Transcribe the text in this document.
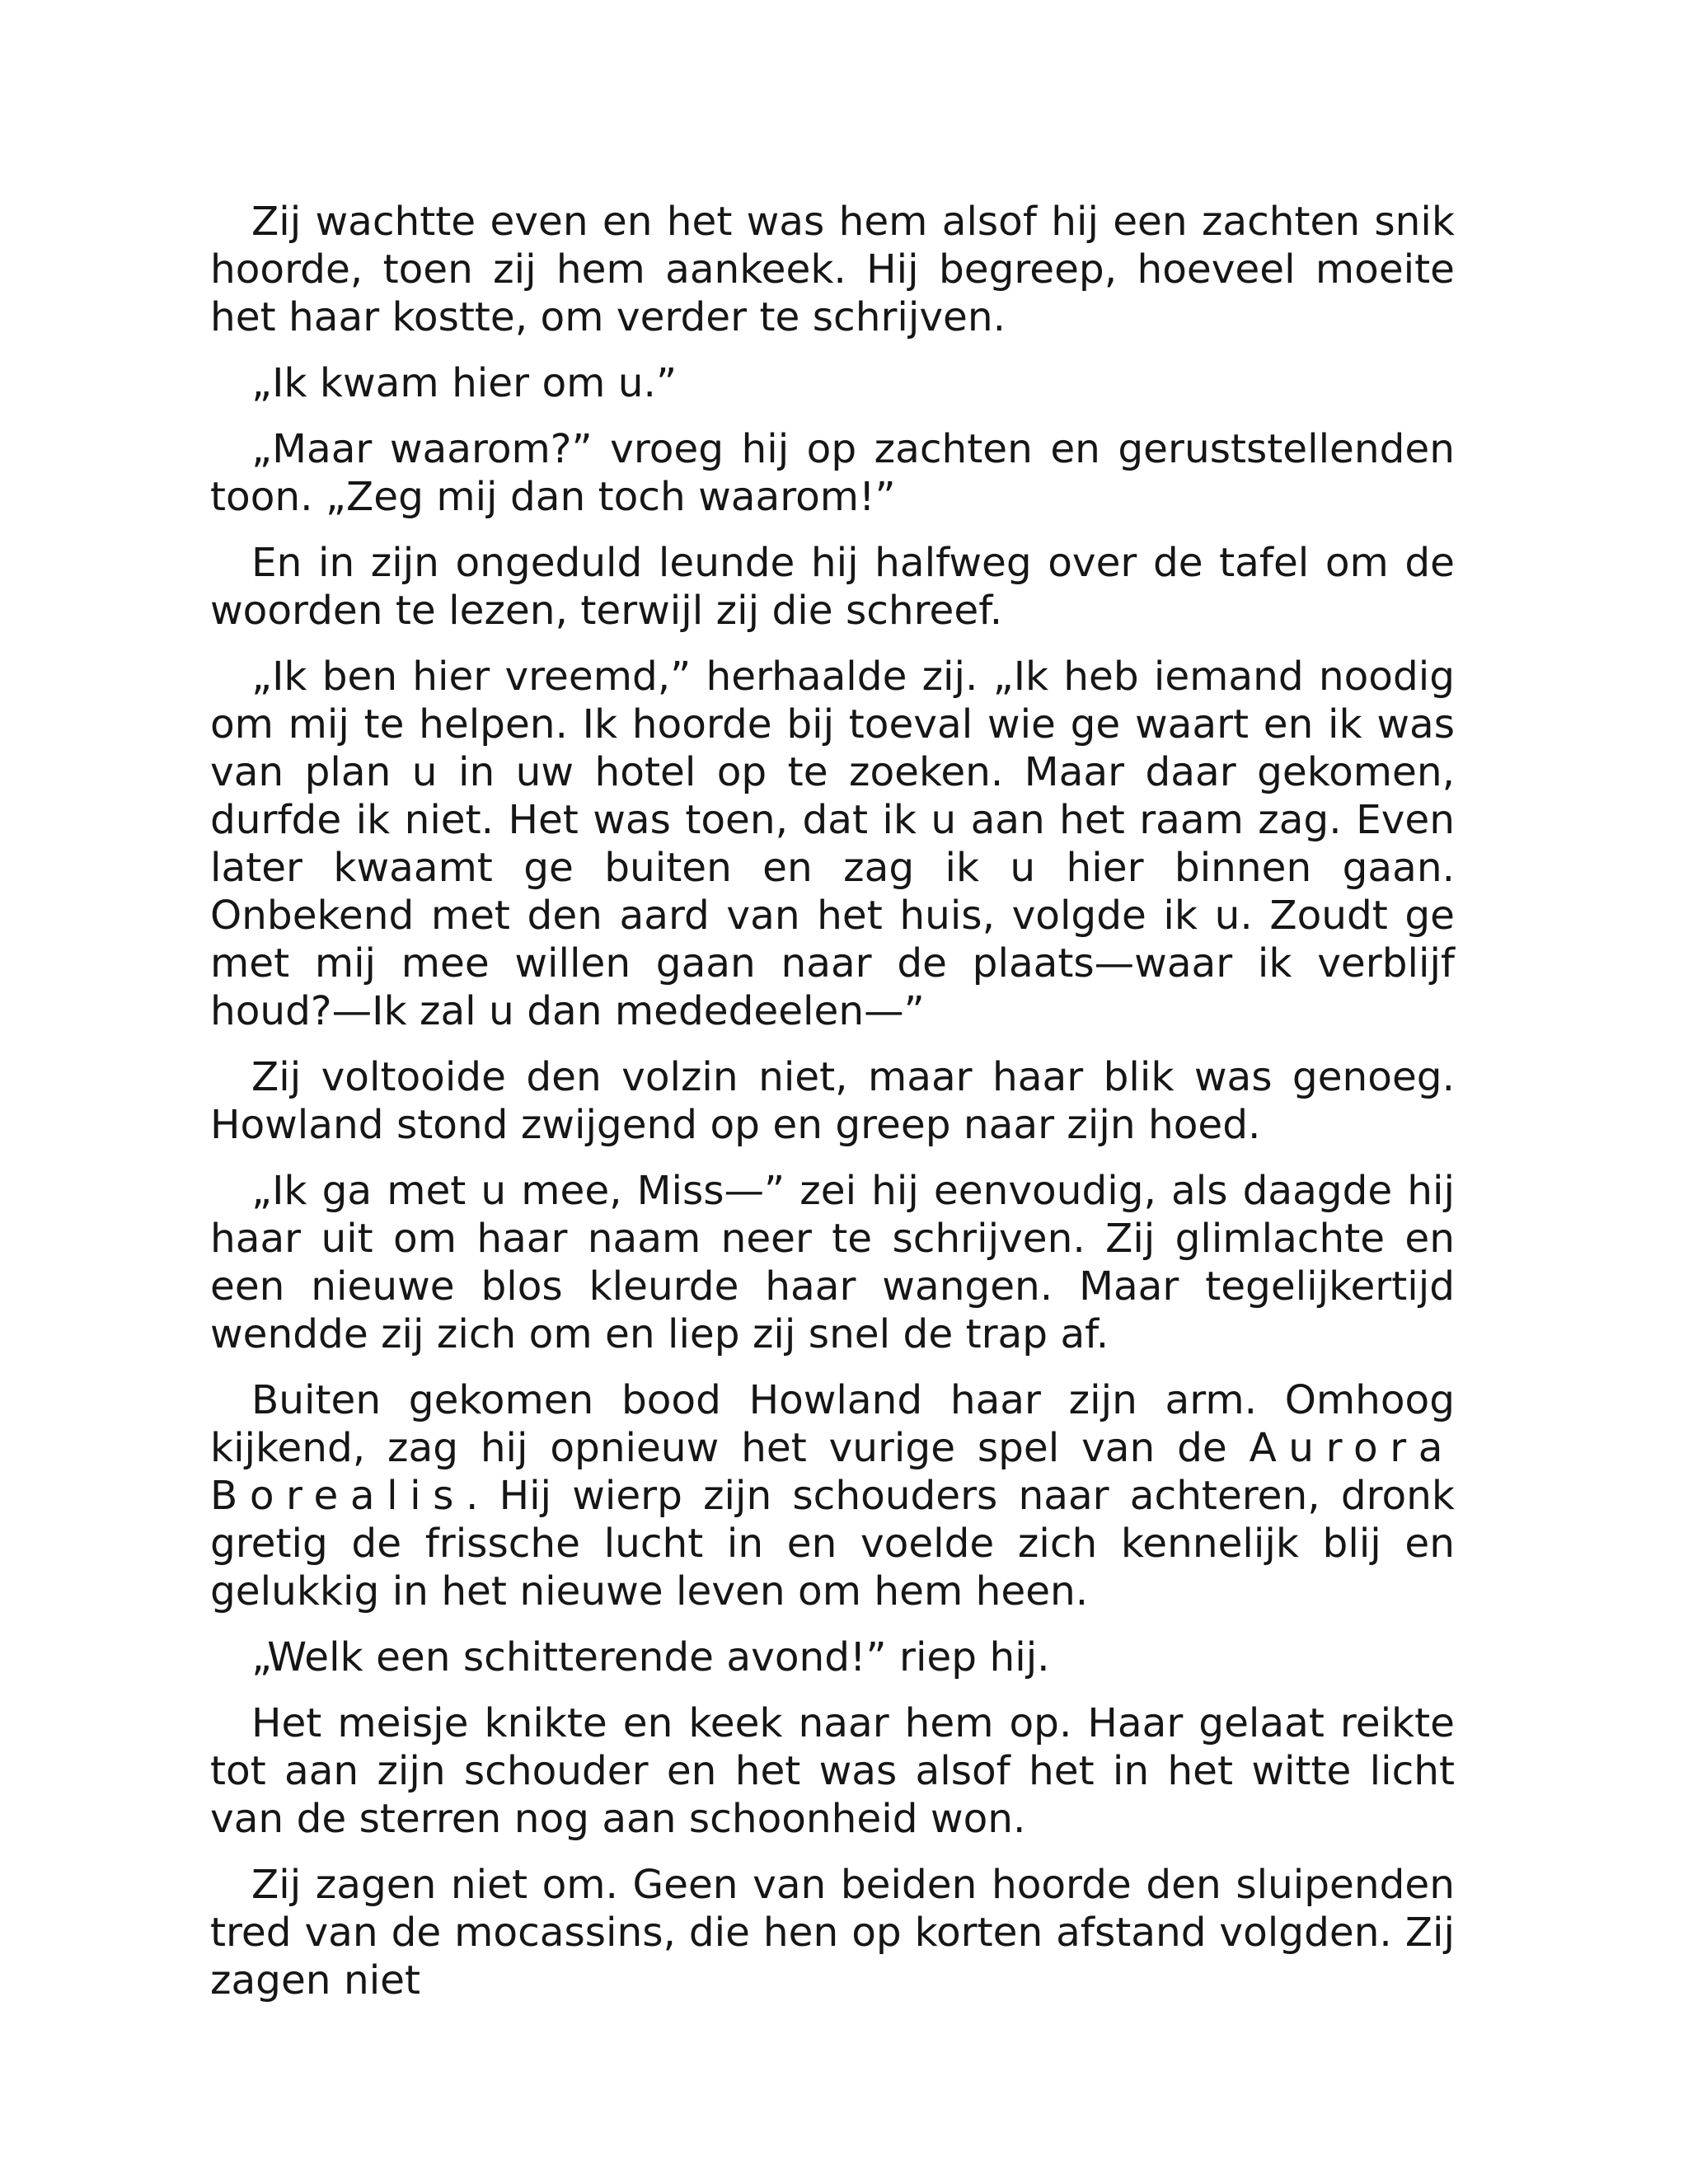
Zij wachtte even en het was hem alsof hij een zachten snik hoorde, toen zij hem aankeek. Hij begreep, hoeveel moeite het haar kostte, om verder te schrijven.

„Ik kwam hier om u.”

„Maar waarom?” vroeg hij op zachten en geruststellenden toon. „Zeg mij dan toch waarom!”

En in zijn ongeduld leunde hij halfweg over de tafel om de woorden te lezen, terwijl zij die schreef.

„Ik ben hier vreemd,” herhaalde zij. „Ik heb iemand noodig om mij te helpen. Ik hoorde bij toeval wie ge waart en ik was van plan u in uw hotel op te zoeken. Maar daar gekomen, durfde ik niet. Het was toen, dat ik u aan het raam zag. Even later kwaamt ge buiten en zag ik u hier binnen gaan. Onbekend met den aard van het huis, volgde ik u. Zoudt ge met mij mee willen gaan naar de plaats—waar ik verblijf houd?—Ik zal u dan mededeelen—”

Zij voltooide den volzin niet, maar haar blik was genoeg. Howland stond zwijgend op en greep naar zijn hoed.

„Ik ga met u mee, Miss—” zei hij eenvoudig, als daagde hij haar uit om haar naam neer te schrijven. Zij glimlachte en een nieuwe blos kleurde haar wangen. Maar tegelijkertijd wendde zij zich om en liep zij snel de trap af.

Buiten gekomen bood Howland haar zijn arm. Omhoog kijkend, zag hij opnieuw het vurige spel van de Aurora Borealis. Hij wierp zijn schouders naar achteren, dronk gretig de frissche lucht in en voelde zich kennelijk blij en gelukkig in het nieuwe leven om hem heen.

„Welk een schitterende avond!” riep hij.

Het meisje knikte en keek naar hem op. Haar gelaat reikte tot aan zijn schouder en het was alsof het in het witte licht van de sterren nog aan schoonheid won.

Zij zagen niet om. Geen van beiden hoorde den sluipenden tred van de mocassins, die hen op korten afstand volgden. Zij zagen niet
